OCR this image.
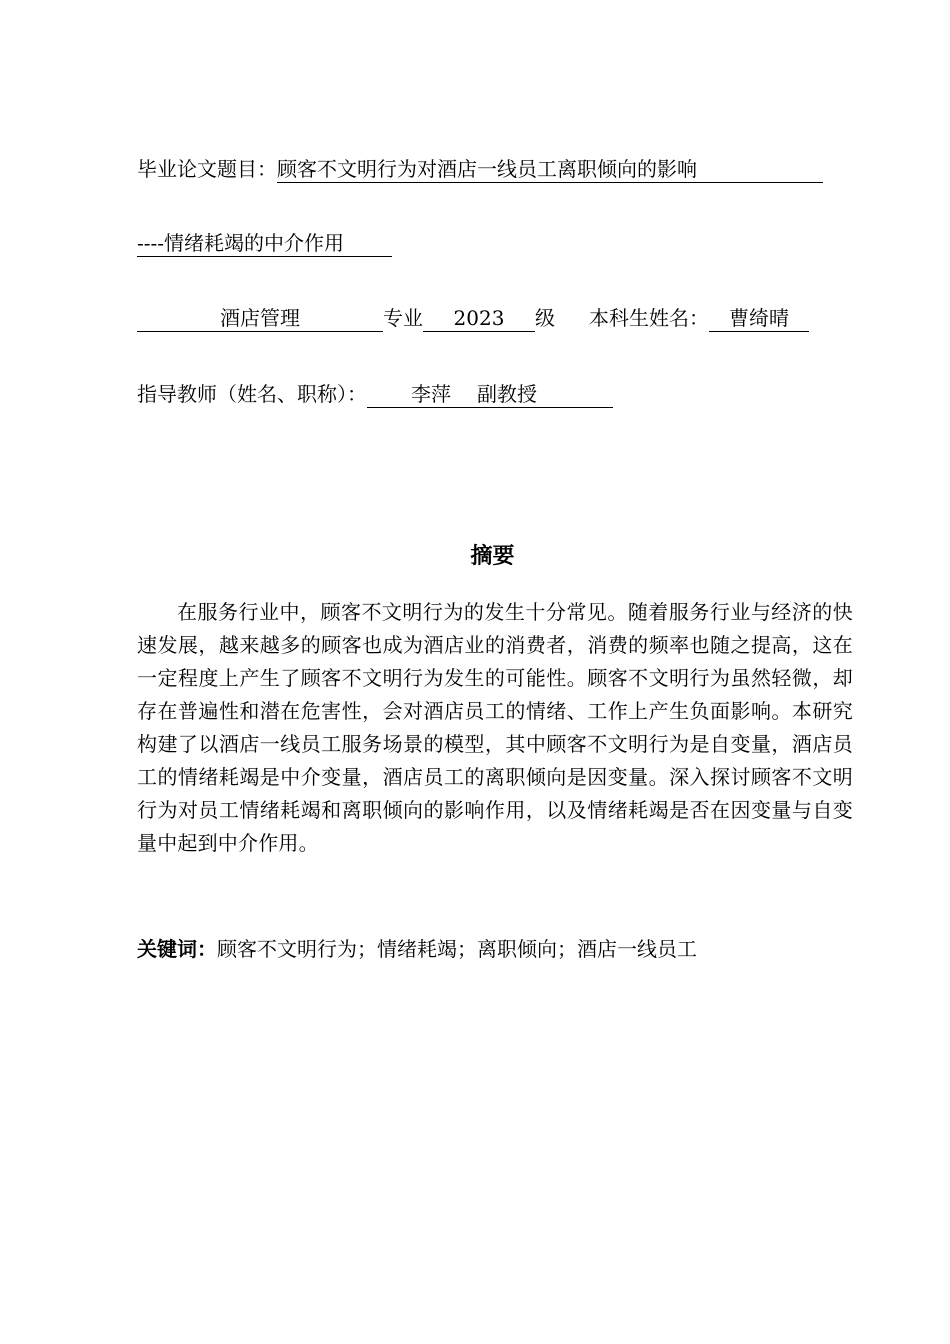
毕业论文题目：顾客不文明行为对酒店一线员工离职倾向的影响
----情绪耗竭的中介作用
酒店管理	专业 2023 级 本科生姓名： 曹绮晴
指导教师（姓名、职称）： 李萍 副教授
摘要
在服务行业中，顾客不文明行为的发生十分常见。随着服务行业与经济的快速发展，越来越多的顾客也成为酒店业的消费者，消费的频率也随之提高，这在一定程度上产生了顾客不文明行为发生的可能性。顾客不文明行为虽然轻微，却存在普遍性和潜在危害性，会对酒店员工的情绪、工作上产生负面影响。本研究构建了以酒店一线员工服务场景的模型，其中顾客不文明行为是自变量，酒店员工的情绪耗竭是中介变量，酒店员工的离职倾向是因变量。深入探讨顾客不文明行为对员工情绪耗竭和离职倾向的影响作用，以及情绪耗竭是否在因变量与自变量中起到中介作用。
关键词：顾客不文明行为；情绪耗竭；离职倾向；酒店一线员工
